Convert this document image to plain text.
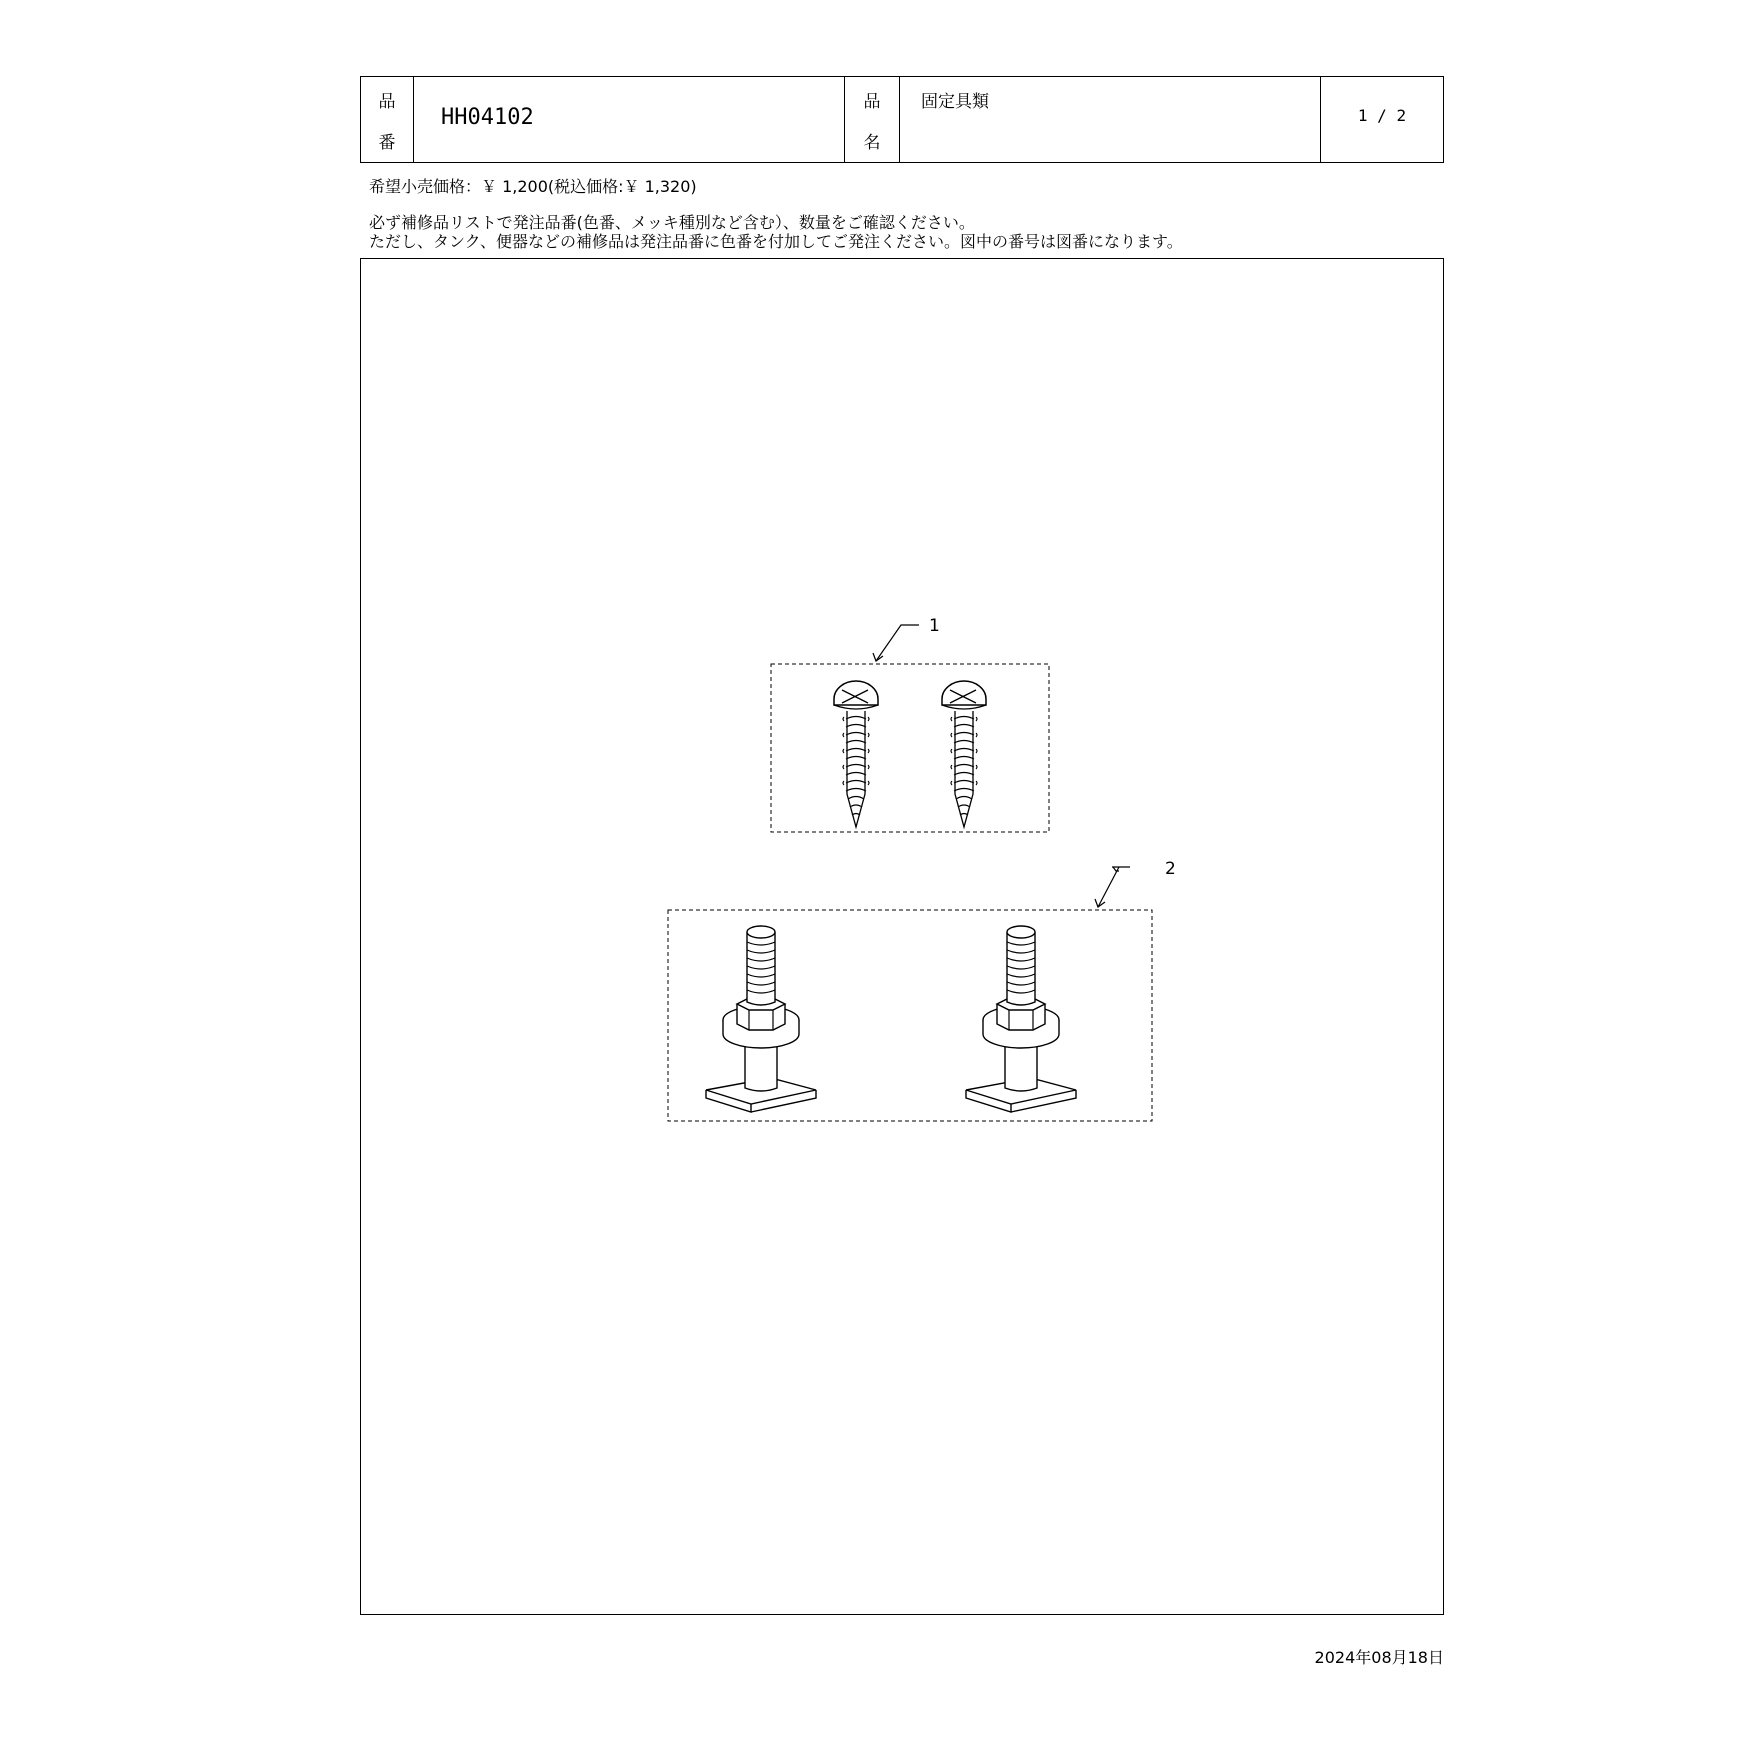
品
番
HH04102
品
名
固定具類
1 / 2
希望小売価格：￥ 1,200(税込価格:￥ 1,320)
必ず補修品リストで発注品番(色番、メッキ種別など含む）、数量をご確認ください。
ただし、タンク、便器などの補修品は発注品番に色番を付加してご発注ください。図中の番号は図番になります。
1
2
2024年08月18日
